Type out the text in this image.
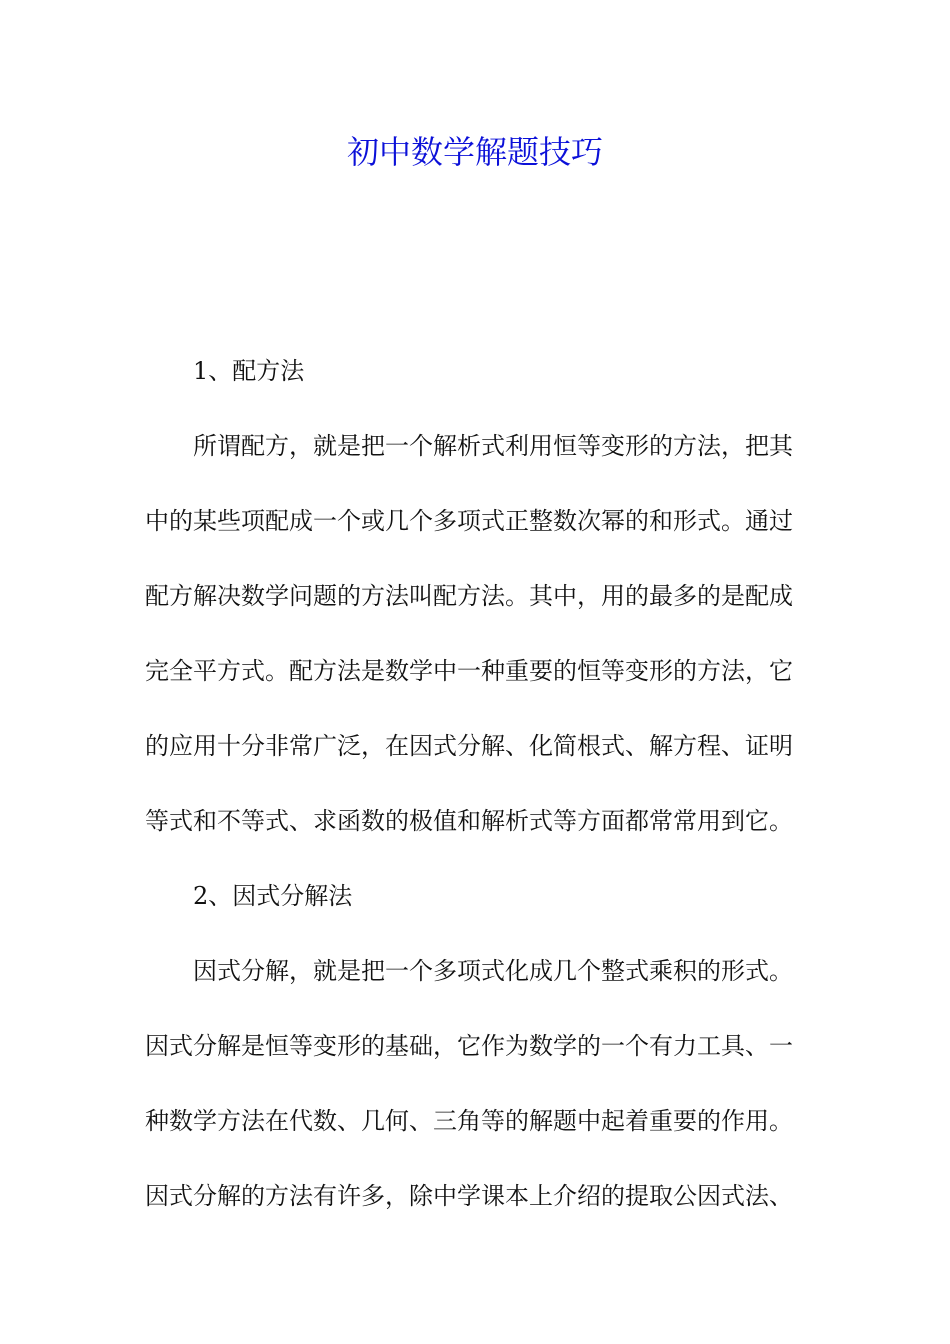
初中数学解题技巧
1、配方法
所谓配方，就是把一个解析式利用恒等变形的方法，把其
中的某些项配成一个或几个多项式正整数次幂的和形式。通过
配方解决数学问题的方法叫配方法。其中，用的最多的是配成
完全平方式。配方法是数学中一种重要的恒等变形的方法，它
的应用十分非常广泛，在因式分解、化简根式、解方程、证明
等式和不等式、求函数的极值和解析式等方面都常常用到它。
2、因式分解法
因式分解，就是把一个多项式化成几个整式乘积的形式。
因式分解是恒等变形的基础，它作为数学的一个有力工具、一
种数学方法在代数、几何、三角等的解题中起着重要的作用。
因式分解的方法有许多，除中学课本上介绍的提取公因式法、
